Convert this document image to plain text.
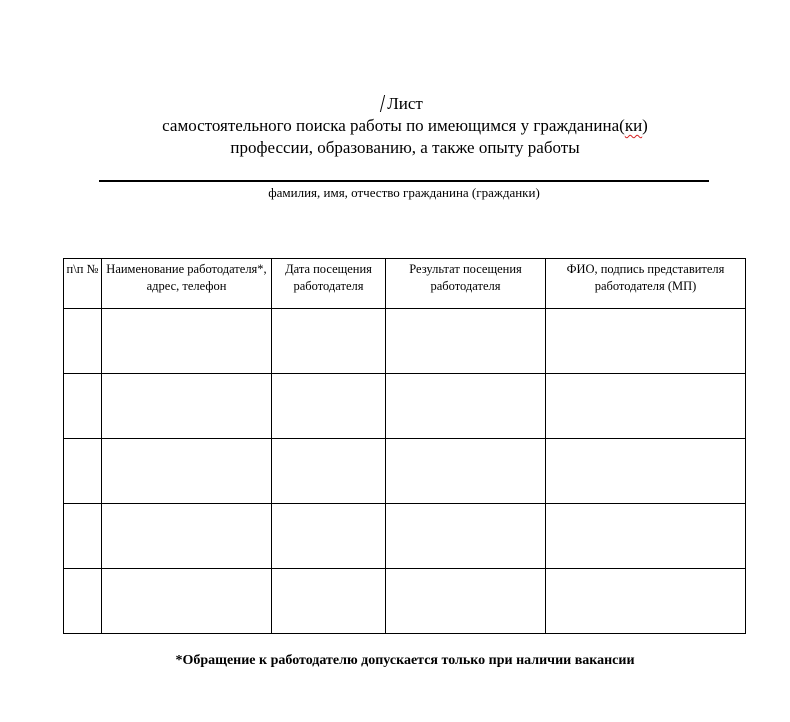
Лист
самостоятельного поиска работы по имеющимся у гражданина(ки)
профессии, образованию, а также опыту работы
фамилия, имя, отчество гражданина (гражданки)
п\п №	Наименование работодателя*, адрес, телефон	Дата посещения работодателя	Результат посещения работодателя	ФИО, подпись представителя работодателя (МП)

*Обращение к работодателю допускается только при наличии вакансии
